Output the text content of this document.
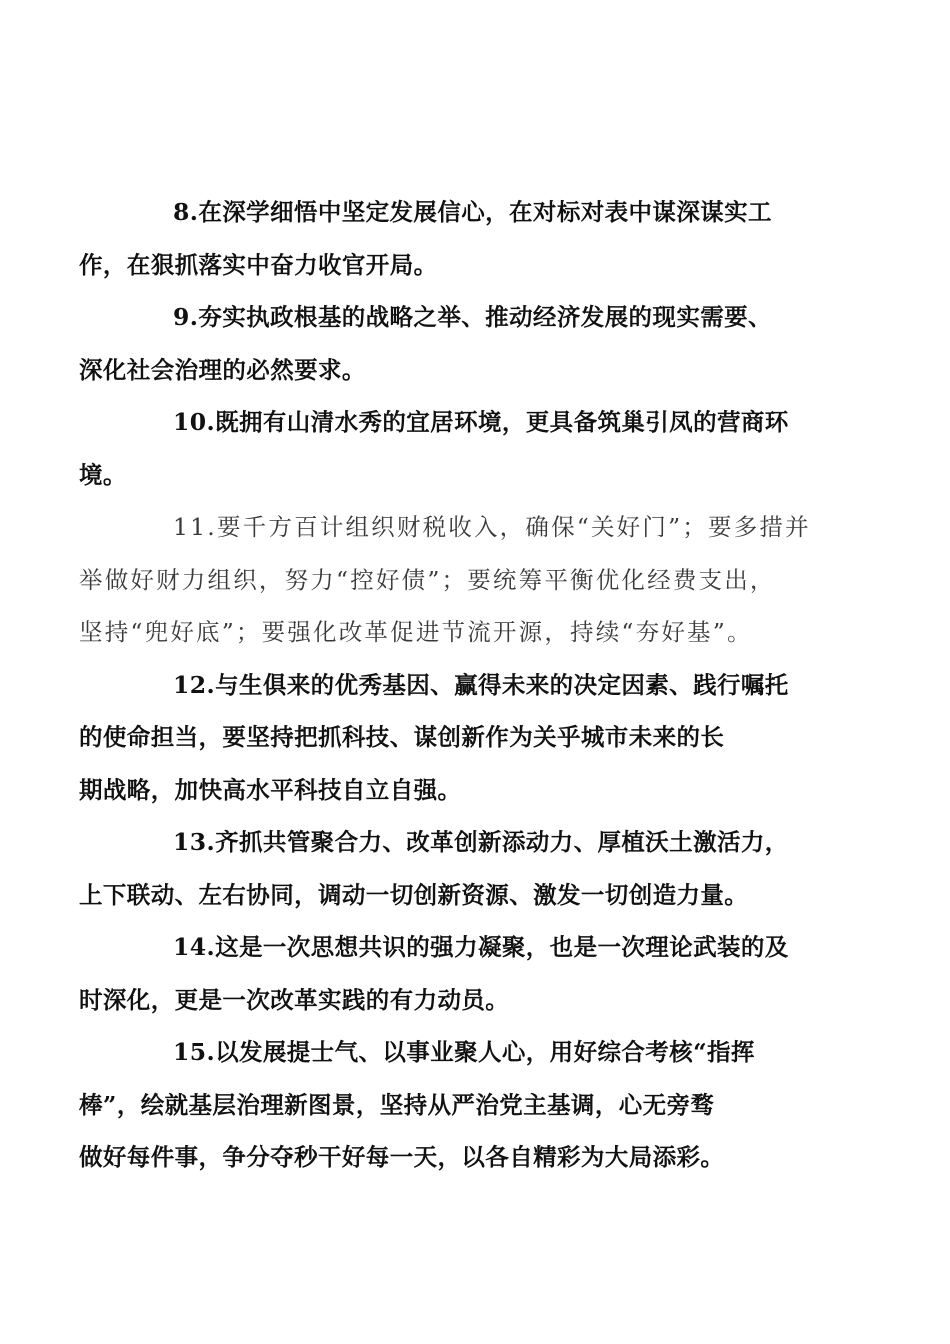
8.在深学细悟中坚定发展信心，在对标对表中谋深谋实工
作，在狠抓落实中奋力收官开局。

9.夯实执政根基的战略之举、推动经济发展的现实需要、
深化社会治理的必然要求。

10.既拥有山清水秀的宜居环境，更具备筑巢引凤的营商环
境。

11.要千方百计组织财税收入，确保“关好门”；要多措并
举做好财力组织，努力“控好债”；要统筹平衡优化经费支出，
坚持“兜好底”；要强化改革促进节流开源，持续“夯好基”。

12.与生俱来的优秀基因、赢得未来的决定因素、践行嘱托
的使命担当，要坚持把抓科技、谋创新作为关乎城市未来的长
期战略，加快高水平科技自立自强。

13.齐抓共管聚合力、改革创新添动力、厚植沃土激活力，
上下联动、左右协同，调动一切创新资源、激发一切创造力量。

14.这是一次思想共识的强力凝聚，也是一次理论武装的及
时深化，更是一次改革实践的有力动员。

15.以发展提士气、以事业聚人心，用好综合考核“指挥
棒”，绘就基层治理新图景，坚持从严治党主基调，心无旁骛
做好每件事，争分夺秒干好每一天，以各自精彩为大局添彩。
